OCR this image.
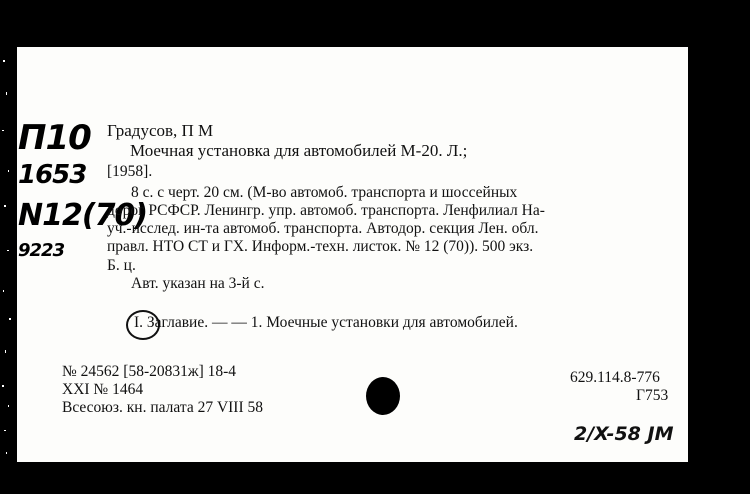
П10
1653
N12(70)
9223
Градусов, П М
Моечная установка для автомобилей М-20. Л.;
[1958].
8 с. с черт. 20 см. (М-во автомоб. транспорта и шоссейных
дорог РСФСР. Ленингр. упр. автомоб. транспорта. Ленфилиал На-
уч.-исслед. ин-та автомоб. транспорта. Автодор. секция Лен. обл.
правл. НТО СТ и ГХ. Информ.-техн. листок. № 12 (70)). 500 экз.
Б. ц.
Авт. указан на 3-й с.
I. Заглавие. — — 1. Моечные установки для автомобилей.
№ 24562 [58-20831ж] 18-4
XXI № 1464
Всесоюз. кн. палата 27 VIII 58
629.114.8-776
Г753
2/X-58 JM
